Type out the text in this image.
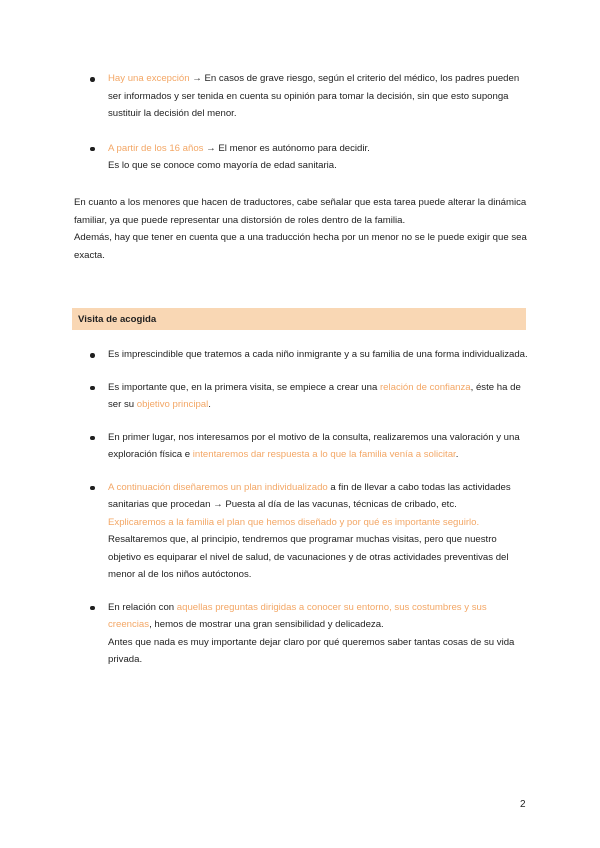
Hay una excepción → En casos de grave riesgo, según el criterio del médico, los padres pueden ser informados y ser tenida en cuenta su opinión para tomar la decisión, sin que esto suponga sustituir la decisión del menor.
A partir de los 16 años → El menor es autónomo para decidir.
Es lo que se conoce como mayoría de edad sanitaria.
En cuanto a los menores que hacen de traductores, cabe señalar que esta tarea puede alterar la dinámica familiar, ya que puede representar una distorsión de roles dentro de la familia.
Además, hay que tener en cuenta que a una traducción hecha por un menor no se le puede exigir que sea exacta.
Visita de acogida
Es imprescindible que tratemos a cada niño inmigrante y a su familia de una forma individualizada.
Es importante que, en la primera visita, se empiece a crear una relación de confianza, éste ha de ser su objetivo principal.
En primer lugar, nos interesamos por el motivo de la consulta, realizaremos una valoración y una exploración física e intentaremos dar respuesta a lo que la familia venía a solicitar.
A continuación diseñaremos un plan individualizado a fin de llevar a cabo todas las actividades sanitarias que procedan → Puesta al día de las vacunas, técnicas de cribado, etc.
Explicaremos a la familia el plan que hemos diseñado y por qué es importante seguirlo.
Resaltaremos que, al principio, tendremos que programar muchas visitas, pero que nuestro objetivo es equiparar el nivel de salud, de vacunaciones y de otras actividades preventivas del menor al de los niños autóctonos.
En relación con aquellas preguntas dirigidas a conocer su entorno, sus costumbres y sus creencias, hemos de mostrar una gran sensibilidad y delicadeza.
Antes que nada es muy importante dejar claro por qué queremos saber tantas cosas de su vida privada.
2
